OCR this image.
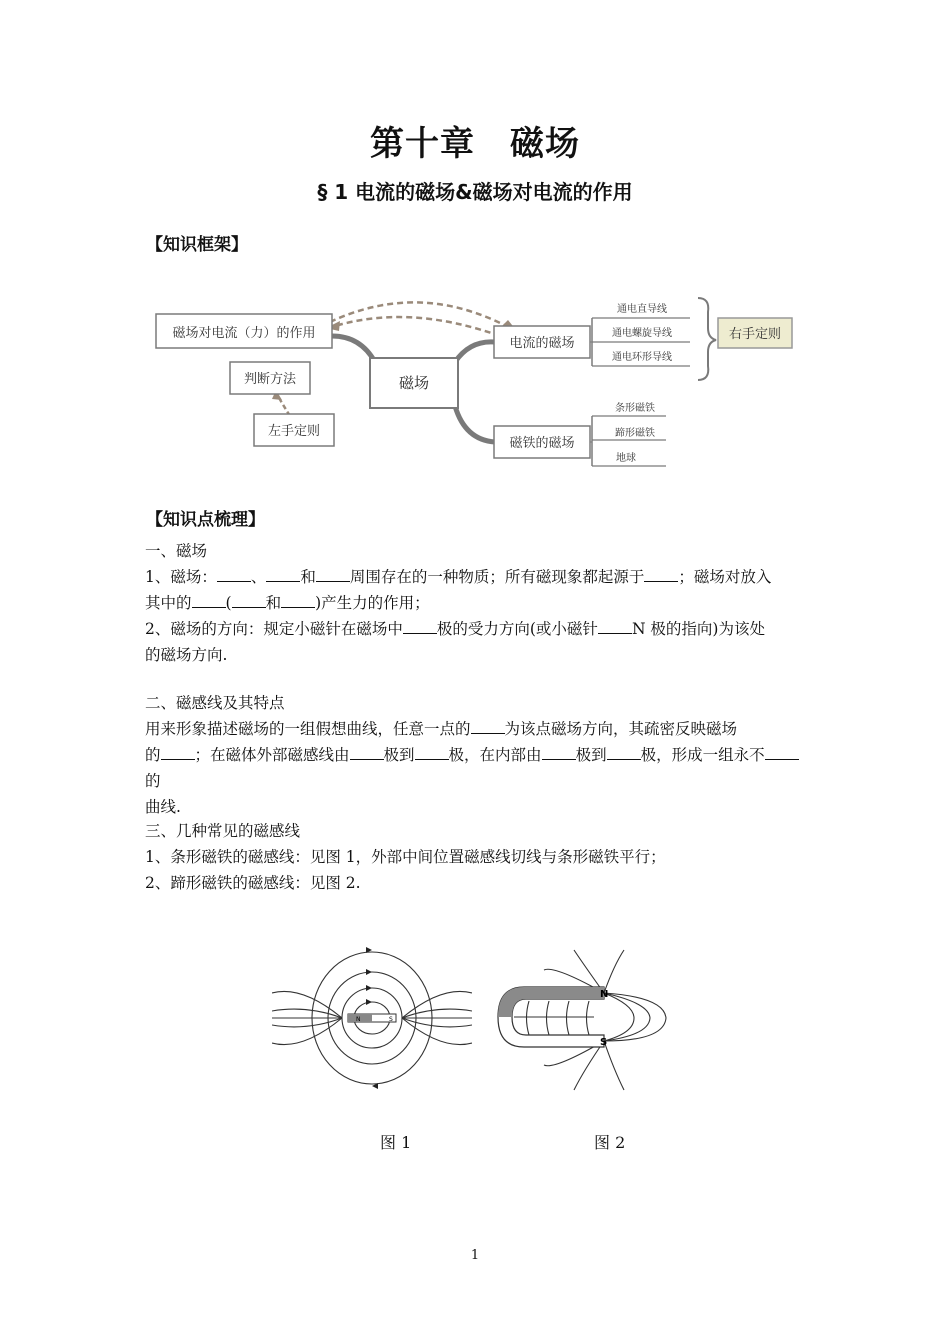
第十章　磁场
§ 1 电流的磁场&磁场对电流的作用
【知识框架】
磁场对电流（力）的作用
判断方法
左手定则
磁场
电流的磁场
通电直导线
通电螺旋导线
通电环形导线
右手定则
磁铁的磁场
条形磁铁
蹄形磁铁
地球
【知识点梳理】
一、磁场
1、磁场： 、 和 周围存在的一种物质；所有磁现象都起源于 ；磁场对放入
其中的 ( 和 )产生力的作用；
2、磁场的方向：规定小磁针在磁场中 极的受力方向(或小磁针 N 极的指向)为该处
的磁场方向.
二、磁感线及其特点
用来形象描述磁场的一组假想曲线，任意一点的 为该点磁场方向，其疏密反映磁场
的 ；在磁体外部磁感线由 极到 极，在内部由 极到 极，形成一组永不的
曲线.
三、几种常见的磁感线
1、条形磁铁的磁感线：见图 1，外部中间位置磁感线切线与条形磁铁平行；
2、蹄形磁铁的磁感线：见图 2.
N	S
N
S
图 1	图 2
1
